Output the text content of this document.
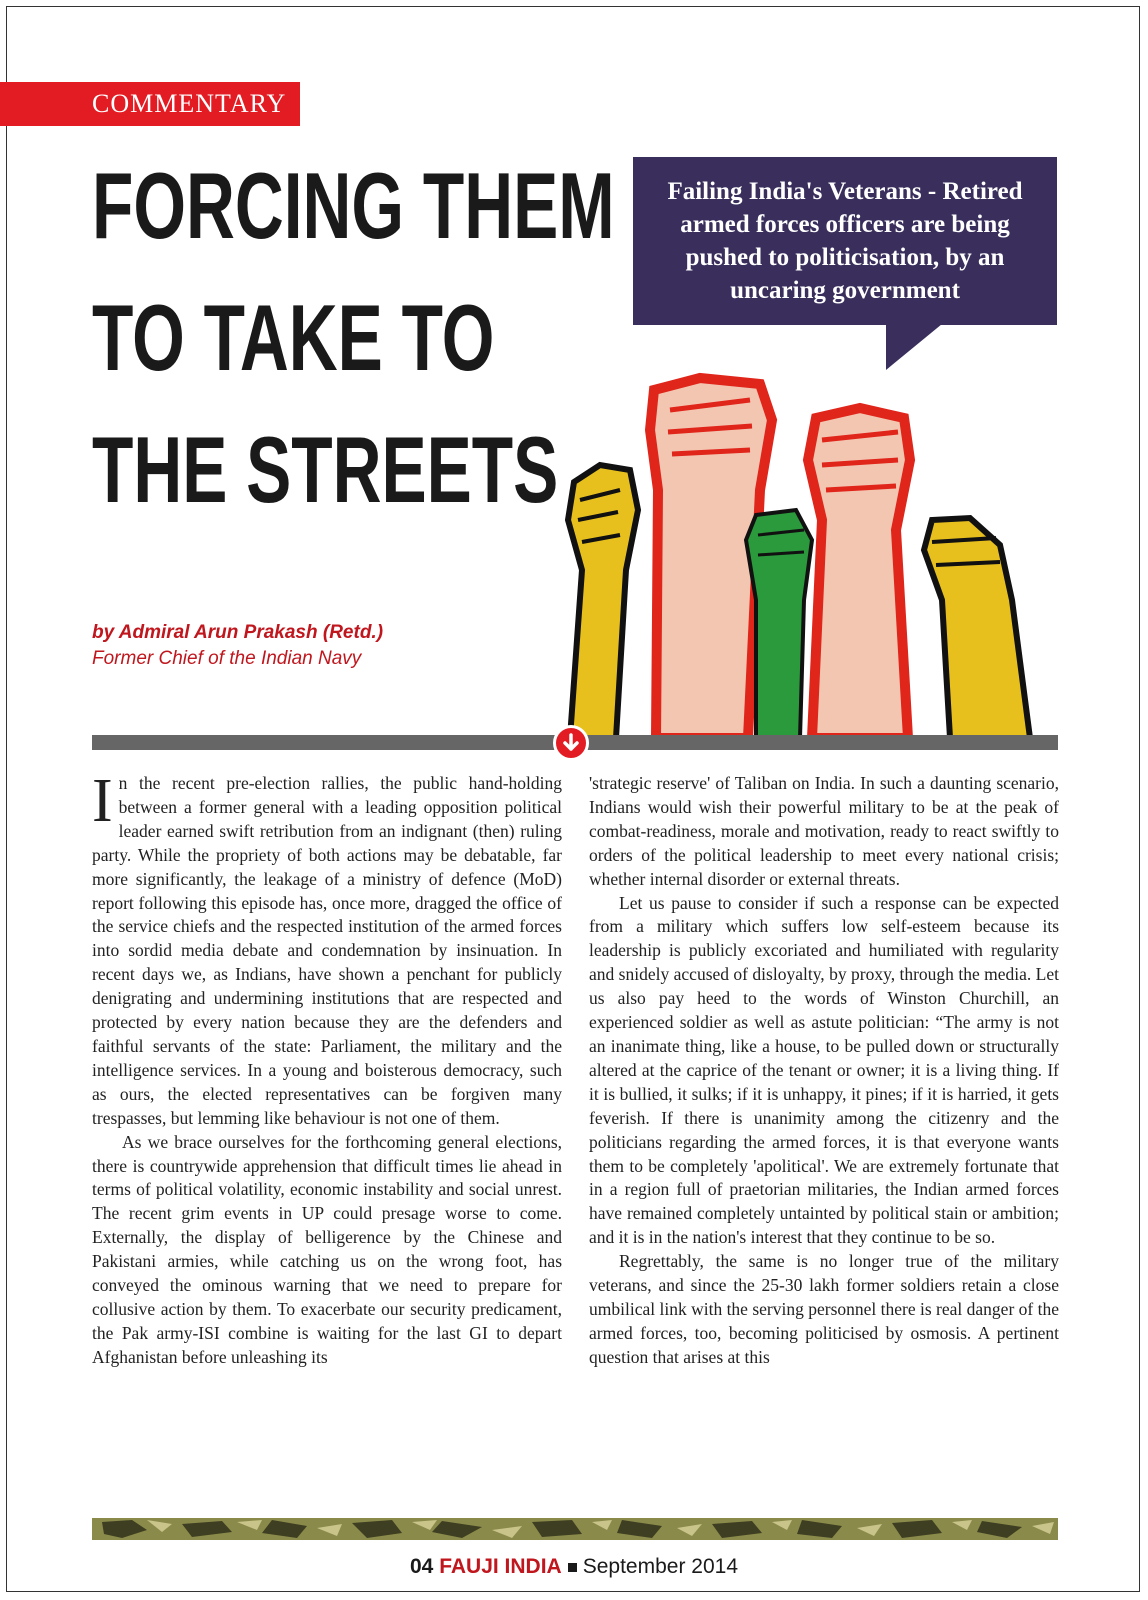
COMMENTARY
FORCING THEM
TO TAKE TO
THE STREETS
Failing India's Veterans - Retired armed forces officers are being pushed to politicisation, by an uncaring government
by Admiral Arun Prakash (Retd.)
Former Chief of the Indian Navy

In the recent pre-election rallies, the public hand-holding between a former general with a leading opposition political leader earned swift retribution from an indignant (then) ruling party. While the propriety of both actions may be debatable, far more significantly, the leakage of a ministry of defence (MoD) report following this episode has, once more, dragged the office of the service chiefs and the respected institution of the armed forces into sordid media debate and condemnation by insinuation. In recent days we, as Indians, have shown a penchant for publicly denigrating and undermining institutions that are respected and protected by every nation because they are the defenders and faithful servants of the state: Parliament, the military and the intelligence services. In a young and boisterous democracy, such as ours, the elected representatives can be forgiven many trespasses, but lemming like behaviour is not one of them.

As we brace ourselves for the forthcoming general elections, there is countrywide apprehension that difficult times lie ahead in terms of political volatility, economic instability and social unrest. The recent grim events in UP could presage worse to come. Externally, the display of belligerence by the Chinese and Pakistani armies, while catching us on the wrong foot, has conveyed the ominous warning that we need to prepare for collusive action by them. To exacerbate our security predicament, the Pak army-ISI combine is waiting for the last GI to depart Afghanistan before unleashing its

'strategic reserve' of Taliban on India. In such a daunting scenario, Indians would wish their powerful military to be at the peak of combat-readiness, morale and motivation, ready to react swiftly to orders of the political leadership to meet every national crisis; whether internal disorder or external threats.

Let us pause to consider if such a response can be expected from a military which suffers low self-esteem because its leadership is publicly excoriated and humiliated with regularity and snidely accused of disloyalty, by proxy, through the media. Let us also pay heed to the words of Winston Churchill, an experienced soldier as well as astute politician: “The army is not an inanimate thing, like a house, to be pulled down or structurally altered at the caprice of the tenant or owner; it is a living thing. If it is bullied, it sulks; if it is unhappy, it pines; if it is harried, it gets feverish. If there is unanimity among the citizenry and the politicians regarding the armed forces, it is that everyone wants them to be completely 'apolitical'. We are extremely fortunate that in a region full of praetorian militaries, the Indian armed forces have remained completely untainted by political stain or ambition; and it is in the nation's interest that they continue to be so.

Regrettably, the same is no longer true of the military veterans, and since the 25-30 lakh former soldiers retain a close umbilical link with the serving personnel there is real danger of the armed forces, too, becoming politicised by osmosis. A pertinent question that arises at this

04 FAUJI INDIA September 2014
